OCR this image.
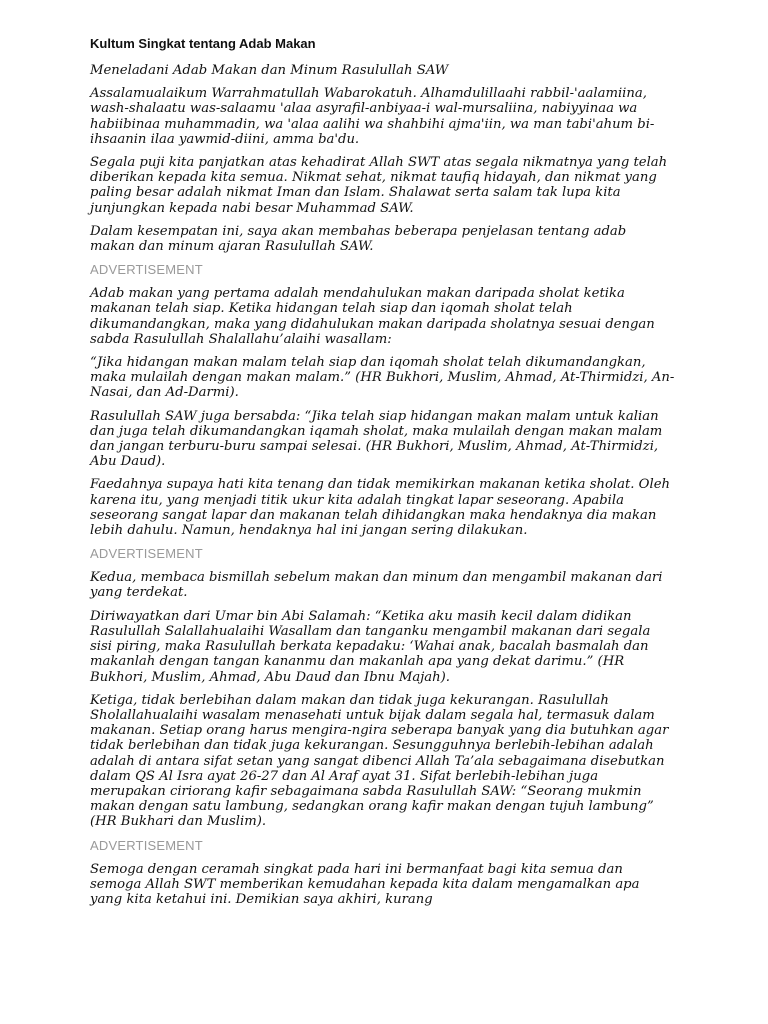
Kultum Singkat tentang Adab Makan

Meneladani Adab Makan dan Minum Rasulullah SAW

Assalamualaikum Warrahmatullah Wabarokatuh. Alhamdulillaahi rabbil-'aalamiina, wash-shalaatu was-salaamu 'alaa asyrafil-anbiyaa-i wal-mursaliina, nabiyyinaa wa habiibinaa muhammadin, wa 'alaa aalihi wa shahbihi ajma'iin, wa man tabi'ahum bi-ihsaanin ilaa yawmid-diini, amma ba'du.

Segala puji kita panjatkan atas kehadirat Allah SWT atas segala nikmatnya yang telah diberikan kepada kita semua. Nikmat sehat, nikmat taufiq hidayah, dan nikmat yang paling besar adalah nikmat Iman dan Islam. Shalawat serta salam tak lupa kita junjungkan kepada nabi besar Muhammad SAW.

Dalam kesempatan ini, saya akan membahas beberapa penjelasan tentang adab makan dan minum ajaran Rasulullah SAW.

ADVERTISEMENT

Adab makan yang pertama adalah mendahulukan makan daripada sholat ketika makanan telah siap. Ketika hidangan telah siap dan iqomah sholat telah dikumandangkan, maka yang didahulukan makan daripada sholatnya sesuai dengan sabda Rasulullah Shalallahu’alaihi wasallam:

“Jika hidangan makan malam telah siap dan iqomah sholat telah dikumandangkan, maka mulailah dengan makan malam.” (HR Bukhori, Muslim, Ahmad, At-Thirmidzi, An-Nasai, dan Ad-Darmi).

Rasulullah SAW juga bersabda: “Jika telah siap hidangan makan malam untuk kalian dan juga telah dikumandangkan iqamah sholat, maka mulailah dengan makan malam dan jangan terburu-buru sampai selesai. (HR Bukhori, Muslim, Ahmad, At-Thirmidzi, Abu Daud).

Faedahnya supaya hati kita tenang dan tidak memikirkan makanan ketika sholat. Oleh karena itu, yang menjadi titik ukur kita adalah tingkat lapar seseorang. Apabila seseorang sangat lapar dan makanan telah dihidangkan maka hendaknya dia makan lebih dahulu. Namun, hendaknya hal ini jangan sering dilakukan.

ADVERTISEMENT

Kedua, membaca bismillah sebelum makan dan minum dan mengambil makanan dari yang terdekat.

Diriwayatkan dari Umar bin Abi Salamah: “Ketika aku masih kecil dalam didikan Rasulullah Salallahualaihi Wasallam dan tanganku mengambil makanan dari segala sisi piring, maka Rasulullah berkata kepadaku: ‘Wahai anak, bacalah basmalah dan makanlah dengan tangan kananmu dan makanlah apa yang dekat darimu.” (HR Bukhori, Muslim, Ahmad, Abu Daud dan Ibnu Majah).

Ketiga, tidak berlebihan dalam makan dan tidak juga kekurangan. Rasulullah Sholallahualaihi wasalam menasehati untuk bijak dalam segala hal, termasuk dalam makanan. Setiap orang harus mengira-ngira seberapa banyak yang dia butuhkan agar tidak berlebihan dan tidak juga kekurangan. Sesungguhnya berlebih-lebihan adalah adalah di antara sifat setan yang sangat dibenci Allah Ta’ala sebagaimana disebutkan dalam QS Al Isra ayat 26-27 dan Al Araf ayat 31. Sifat berlebih-lebihan juga merupakan ciriorang kafir sebagaimana sabda Rasulullah SAW: “Seorang mukmin makan dengan satu lambung, sedangkan orang kafir makan dengan tujuh lambung” (HR Bukhari dan Muslim).

ADVERTISEMENT

Semoga dengan ceramah singkat pada hari ini bermanfaat bagi kita semua dan semoga Allah SWT memberikan kemudahan kepada kita dalam mengamalkan apa yang kita ketahui ini. Demikian saya akhiri, kurang
